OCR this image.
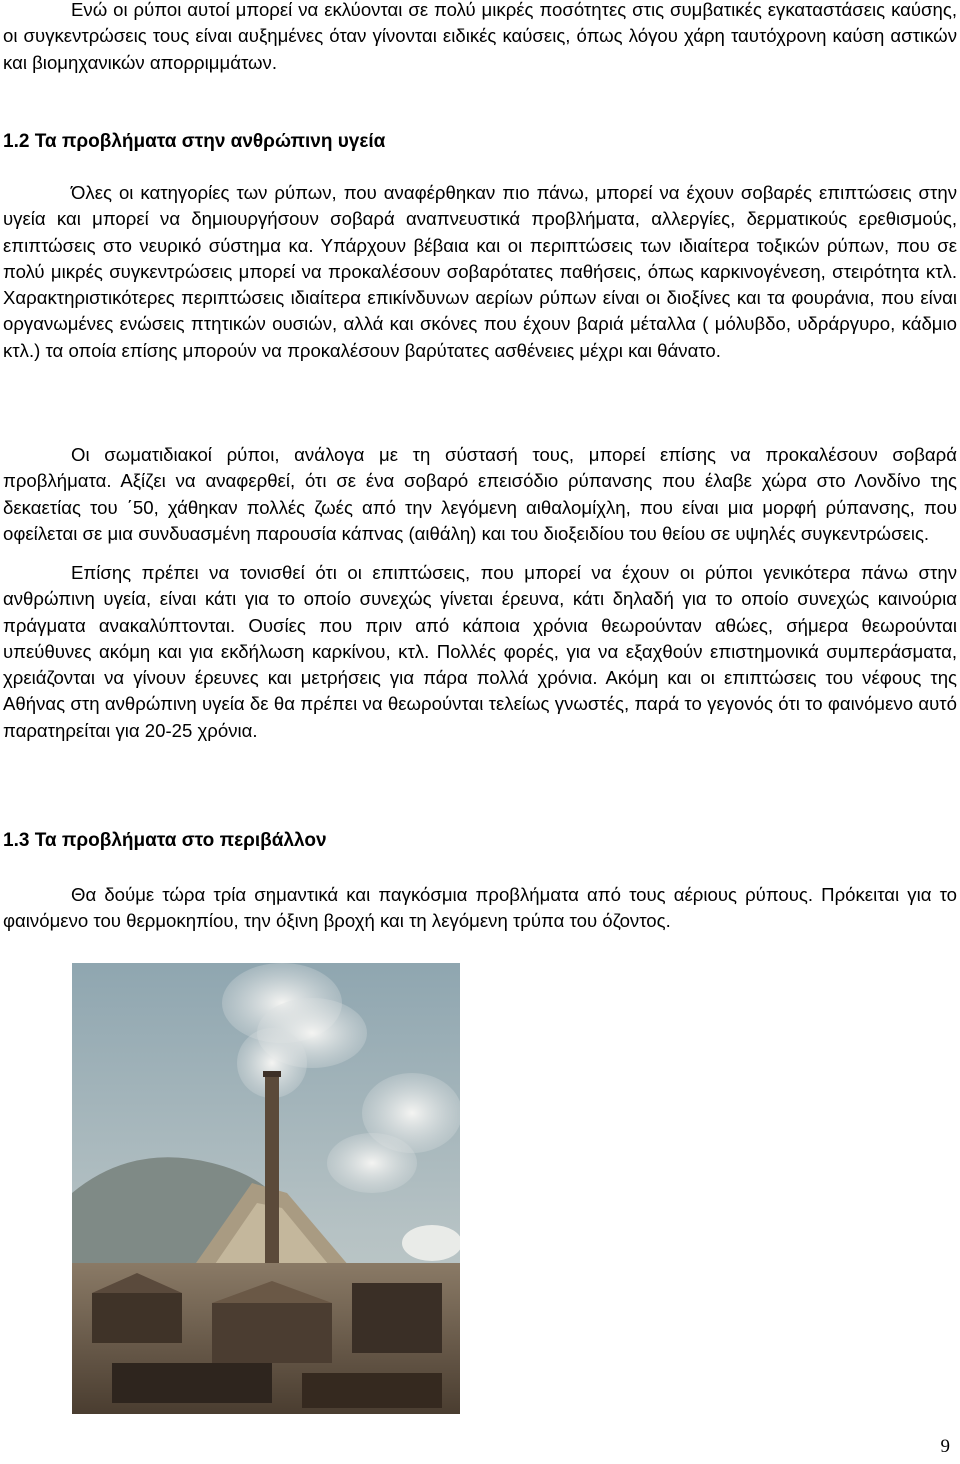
Ενώ οι ρύποι αυτοί μπορεί να εκλύονται σε πολύ μικρές ποσότητες στις συμβατικές εγκαταστάσεις καύσης, οι συγκεντρώσεις τους είναι αυξημένες όταν γίνονται ειδικές καύσεις, όπως λόγου χάρη ταυτόχρονη καύση αστικών και βιομηχανικών απορριμμάτων.

1.2 Τα προβλήματα στην ανθρώπινη υγεία

Όλες οι κατηγορίες των ρύπων, που αναφέρθηκαν πιο πάνω, μπορεί να έχουν σοβαρές επιπτώσεις στην υγεία και μπορεί να δημιουργήσουν σοβαρά αναπνευστικά προβλήματα, αλλεργίες, δερματικούς ερεθισμούς, επιπτώσεις στο νευρικό σύστημα κα. Υπάρχουν βέβαια και οι περιπτώσεις των ιδιαίτερα τοξικών ρύπων, που σε πολύ μικρές συγκεντρώσεις μπορεί να προκαλέσουν σοβαρότατες παθήσεις, όπως καρκινογένεση, στειρότητα κτλ. Χαρακτηριστικότερες περιπτώσεις ιδιαίτερα επικίνδυνων αερίων ρύπων είναι οι διοξίνες και τα φουράνια, που είναι οργανωμένες ενώσεις πτητικών ουσιών, αλλά και σκόνες που έχουν βαριά μέταλλα ( μόλυβδο, υδράργυρο, κάδμιο κτλ.) τα οποία επίσης μπορούν να προκαλέσουν βαρύτατες ασθένειες μέχρι και θάνατο.

Οι σωματιδιακοί ρύποι, ανάλογα με τη σύστασή τους, μπορεί επίσης να προκαλέσουν σοβαρά προβλήματα. Αξίζει να αναφερθεί, ότι σε ένα σοβαρό επεισόδιο ρύπανσης που έλαβε χώρα στο Λονδίνο της δεκαετίας του ΄50, χάθηκαν πολλές ζωές από την λεγόμενη αιθαλομίχλη, που είναι μια μορφή ρύπανσης, που οφείλεται σε μια συνδυασμένη παρουσία κάπνας (αιθάλη) και του διοξειδίου του θείου σε υψηλές συγκεντρώσεις.

Επίσης πρέπει να τονισθεί ότι οι επιπτώσεις, που μπορεί να έχουν οι ρύποι γενικότερα πάνω στην ανθρώπινη υγεία, είναι κάτι για το οποίο συνεχώς γίνεται έρευνα, κάτι δηλαδή για το οποίο συνεχώς καινούρια πράγματα ανακαλύπτονται. Ουσίες που πριν από κάποια χρόνια θεωρούνταν αθώες, σήμερα θεωρούνται υπεύθυνες ακόμη και για εκδήλωση καρκίνου, κτλ. Πολλές φορές, για να εξαχθούν επιστημονικά συμπεράσματα, χρειάζονται να γίνουν έρευνες και μετρήσεις για πάρα πολλά χρόνια. Ακόμη και οι επιπτώσεις του νέφους της Αθήνας στη ανθρώπινη υγεία δε θα πρέπει να θεωρούνται τελείως γνωστές, παρά το γεγονός ότι το φαινόμενο αυτό παρατηρείται για 20-25 χρόνια.

1.3 Τα προβλήματα στο περιβάλλον

Θα δούμε τώρα τρία σημαντικά και παγκόσμια προβλήματα από τους αέριους ρύπους. Πρόκειται για το φαινόμενο του θερμοκηπίου, την όξινη βροχή και τη λεγόμενη τρύπα του όζοντος.

9
